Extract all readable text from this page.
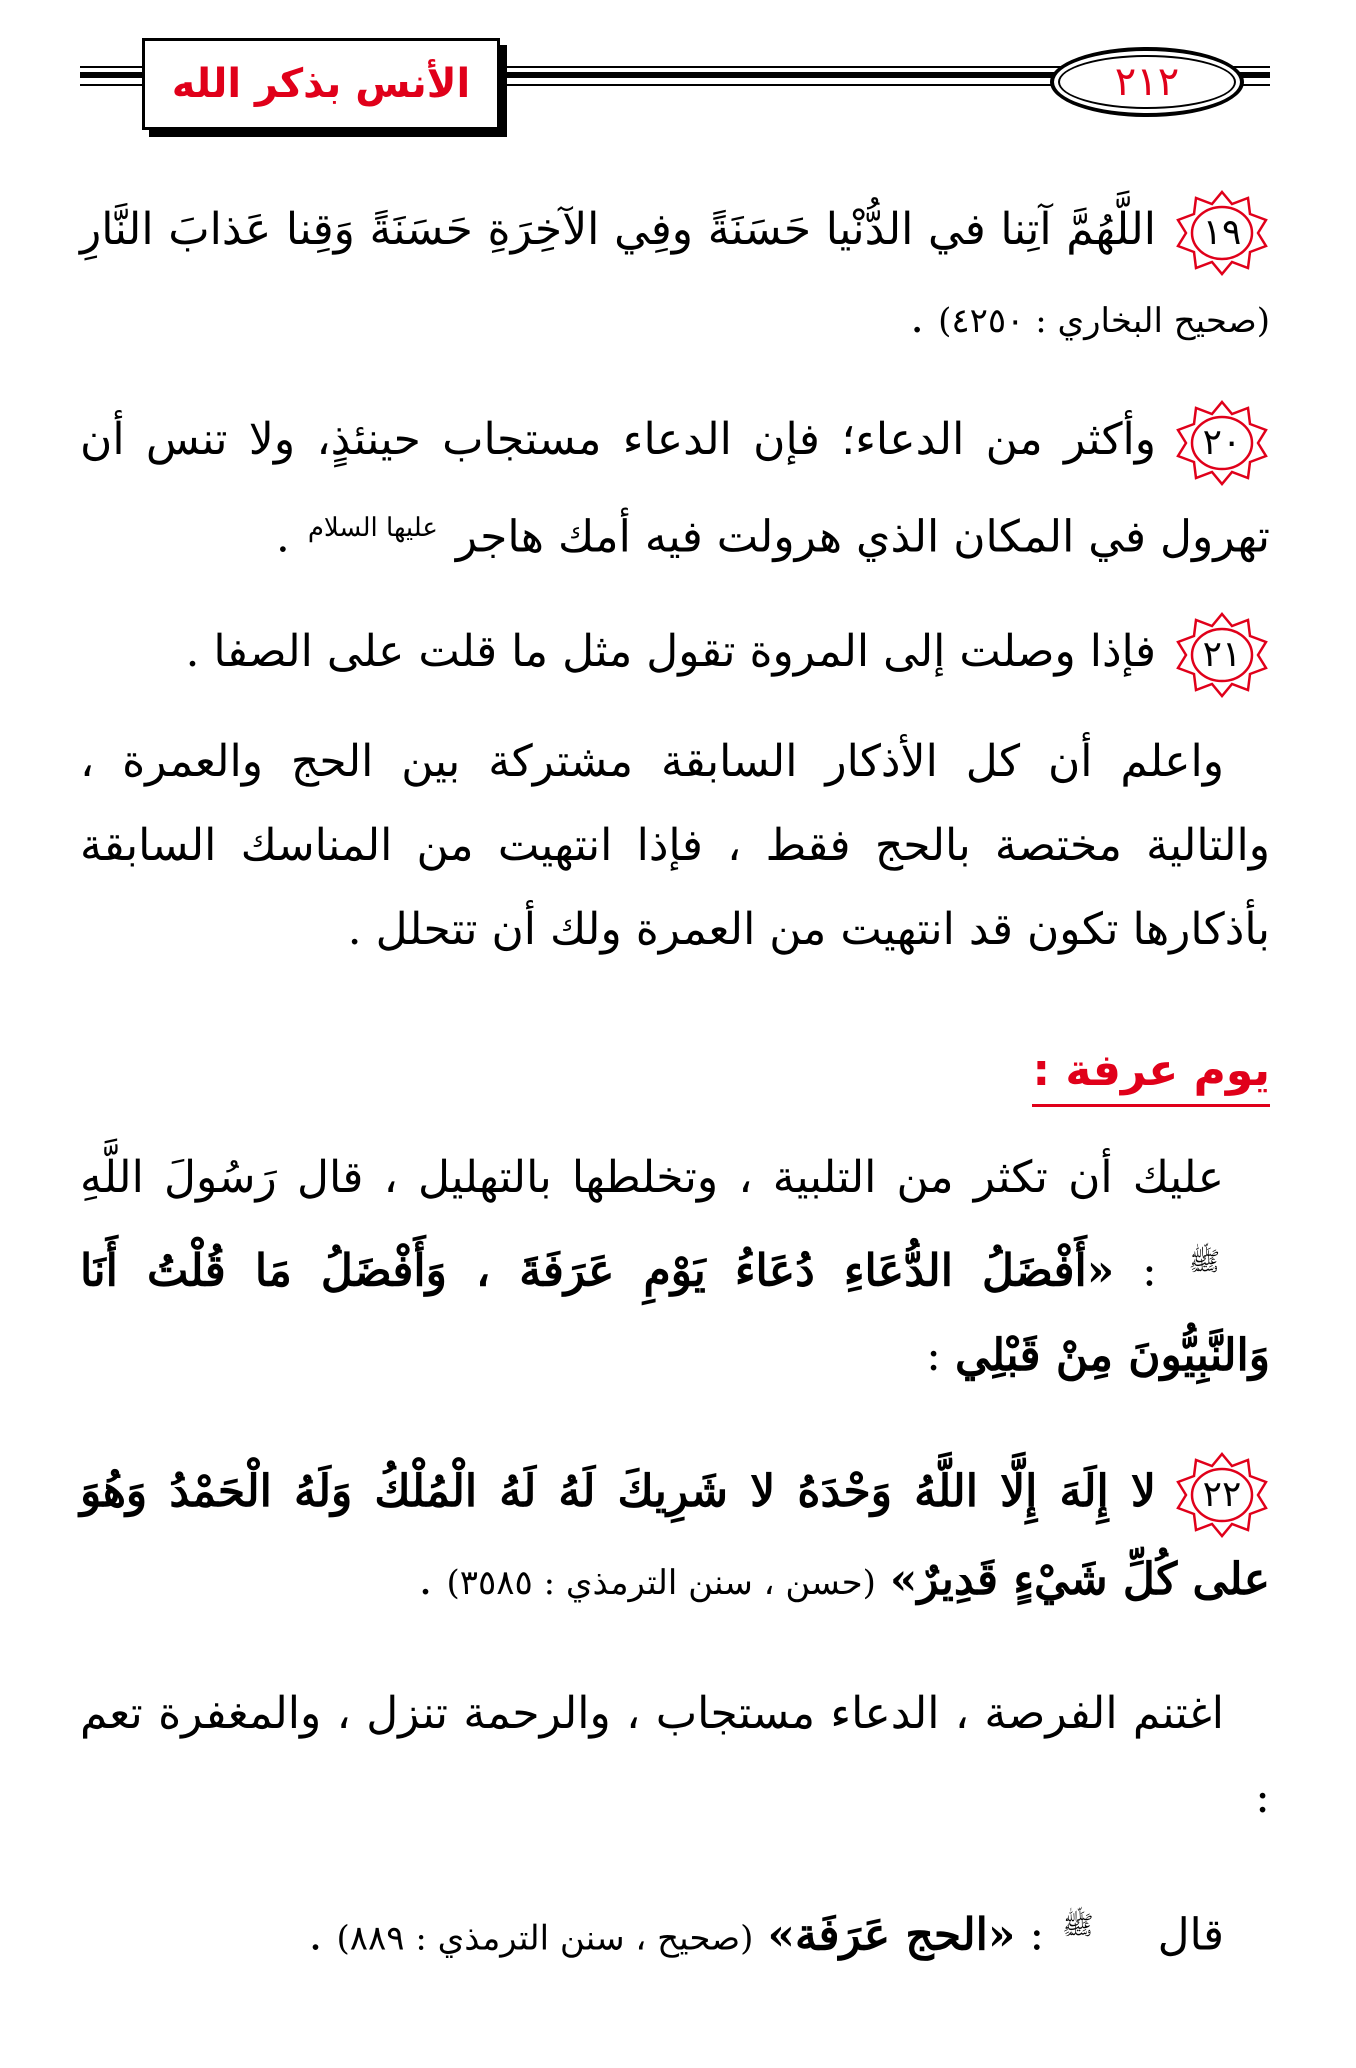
الأنس بذكر الله	٢١٢
١٩
اللَّهُمَّ آتِنا في الدُّنْيا حَسَنَةً وفِي الآخِرَةِ حَسَنَةً وَقِنا عَذابَ النَّارِ (صحيح البخاري : ٤٢٥٠) .
٢٠
وأكثر من الدعاء؛ فإن الدعاء مستجاب حينئذٍ، ولا تنس أن تهرول في المكان الذي هرولت فيه أمك هاجر عليها السلام .
٢١
فإذا وصلت إلى المروة تقول مثل ما قلت على الصفا .
واعلم أن كل الأذكار السابقة مشتركة بين الحج والعمرة ، والتالية مختصة بالحج فقط ، فإذا انتهيت من المناسك السابقة بأذكارها تكون قد انتهيت من العمرة ولك أن تتحلل .
يوم عرفة :
عليك أن تكثر من التلبية ، وتخلطها بالتهليل ، قال رَسُولَ اللَّهِ ﷺ : «أَفْضَلُ الدُّعَاءِ دُعَاءُ يَوْمِ عَرَفَةَ ، وَأَفْضَلُ مَا قُلْتُ أَنَا وَالنَّبِيُّونَ مِنْ قَبْلِي :
٢٢
لا إِلَهَ إِلَّا اللَّهُ وَحْدَهُ لا شَرِيكَ لَهُ لَهُ الْمُلْكُ وَلَهُ الْحَمْدُ وَهُوَ على كُلِّ شَيْءٍ قَدِيرٌ» (حسن ، سنن الترمذي : ٣٥٨٥) .
اغتنم الفرصة ، الدعاء مستجاب ، والرحمة تنزل ، والمغفرة تعم :
قال ﷺ : «الحج عَرَفَة» (صحيح ، سنن الترمذي : ٨٨٩) .
